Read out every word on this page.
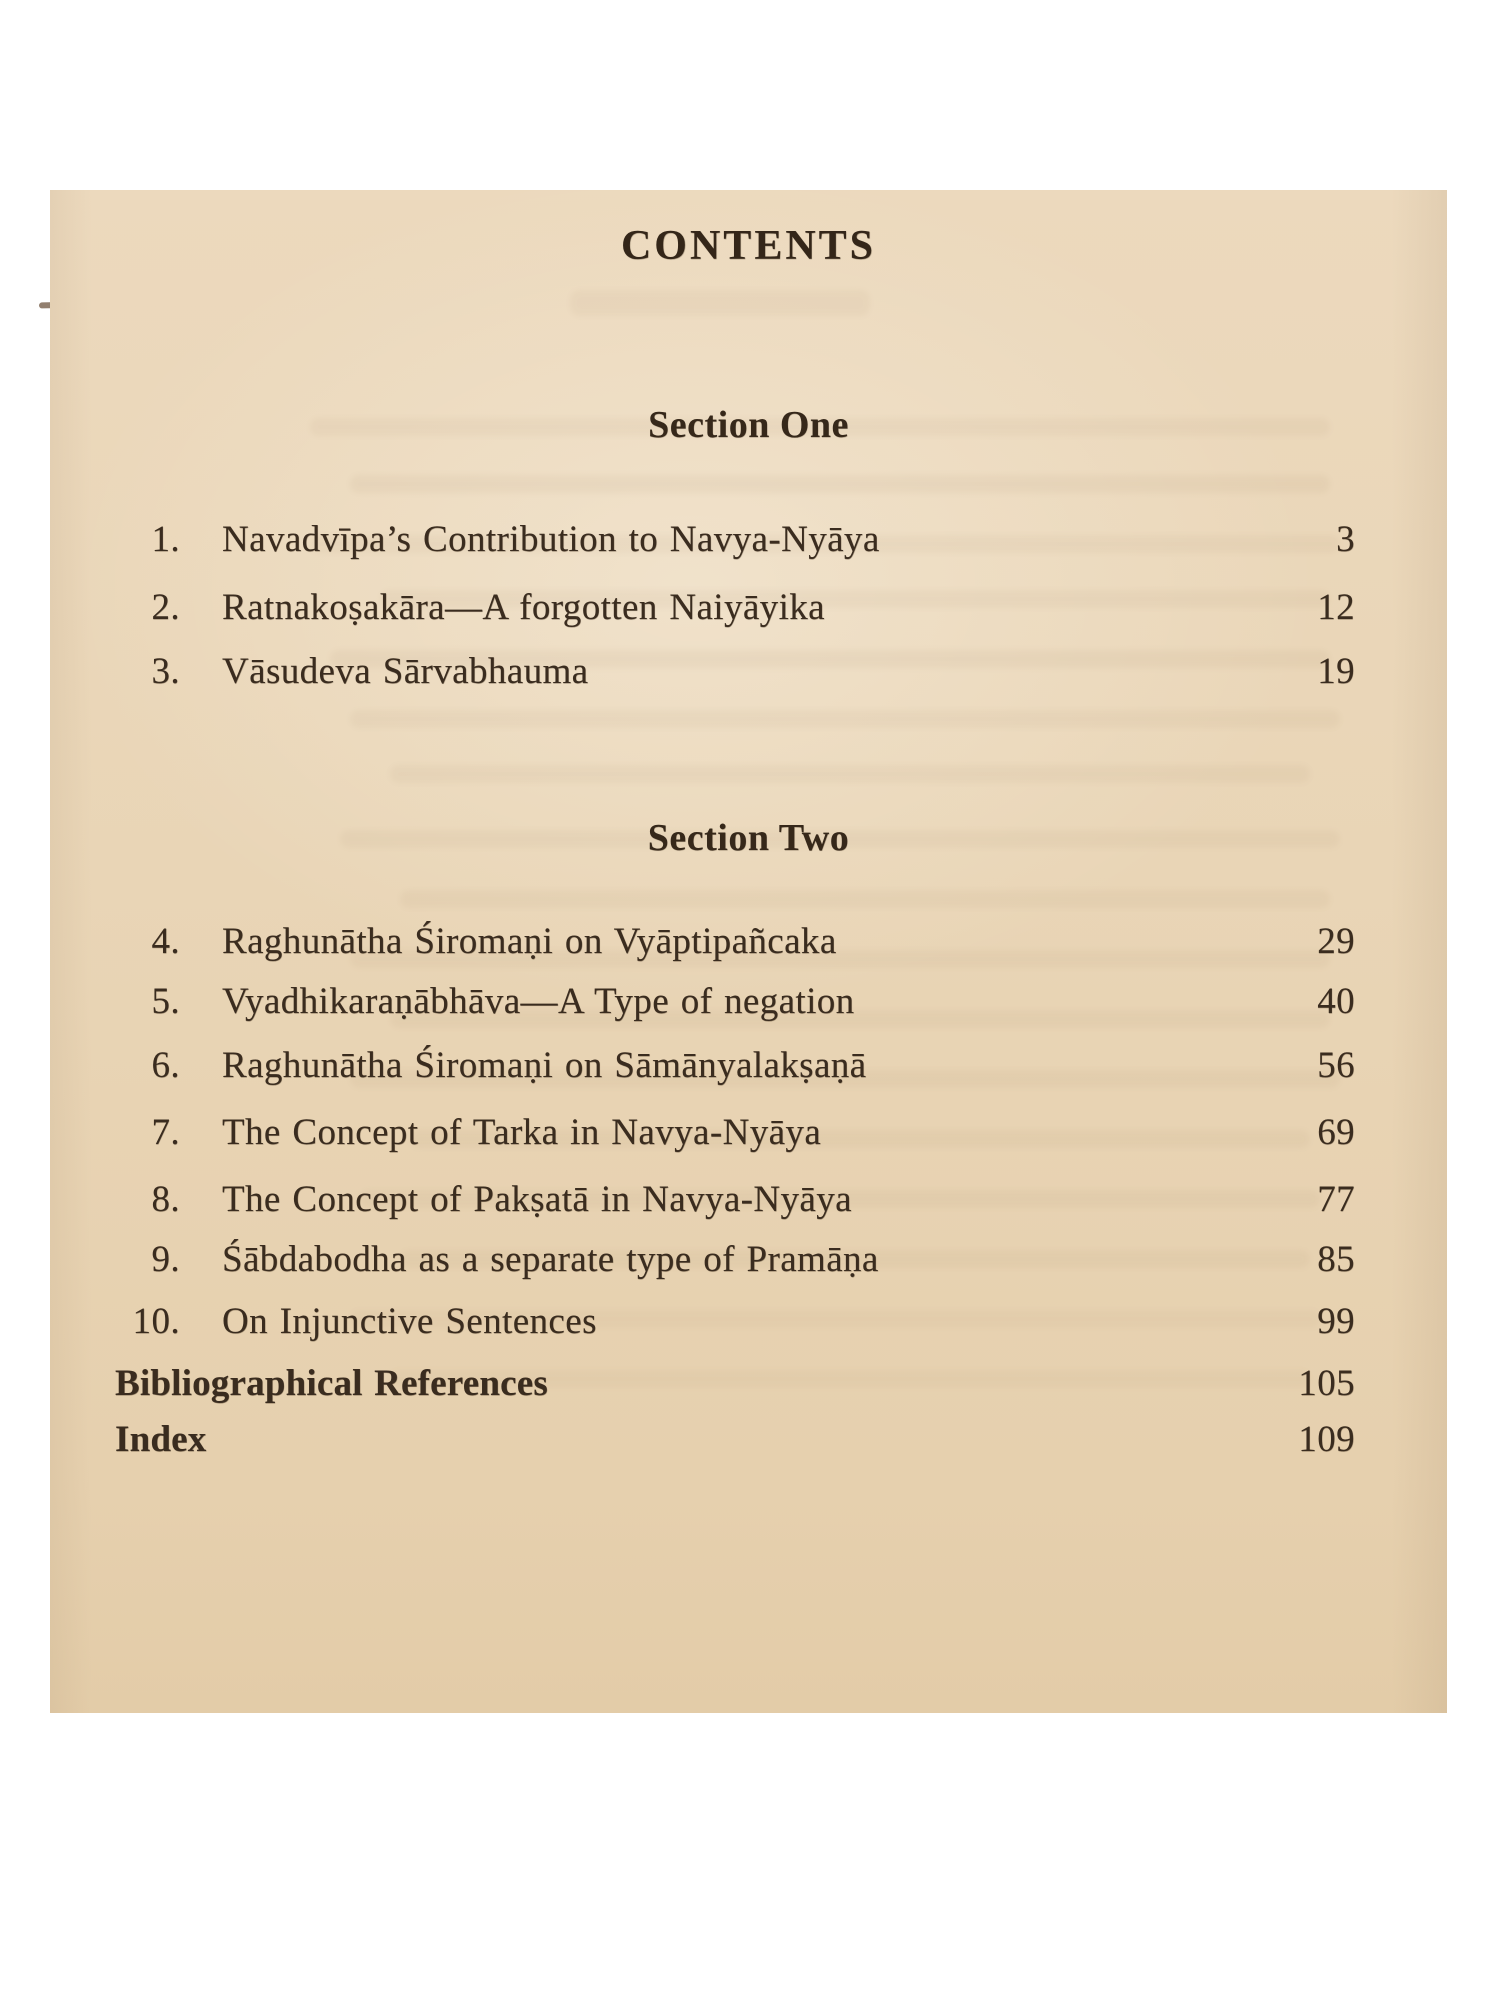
CONTENTS
Section One
1. Navadvīpa’s Contribution to Navya-Nyāya	3
2. Ratnakoṣakāra—A forgotten Naiyāyika	12
3. Vāsudeva Sārvabhauma	19
Section Two
4. Raghunātha Śiromaṇi on Vyāptipañcaka	29
5. Vyadhikaraṇābhāva—A Type of negation	40
6. Raghunātha Śiromaṇi on Sāmānyalakṣaṇā	56
7. The Concept of Tarka in Navya-Nyāya	69
8. The Concept of Pakṣatā in Navya-Nyāya	77
9. Śābdabodha as a separate type of Pramāṇa	85
10. On Injunctive Sentences	99
Bibliographical References	105
Index	109
